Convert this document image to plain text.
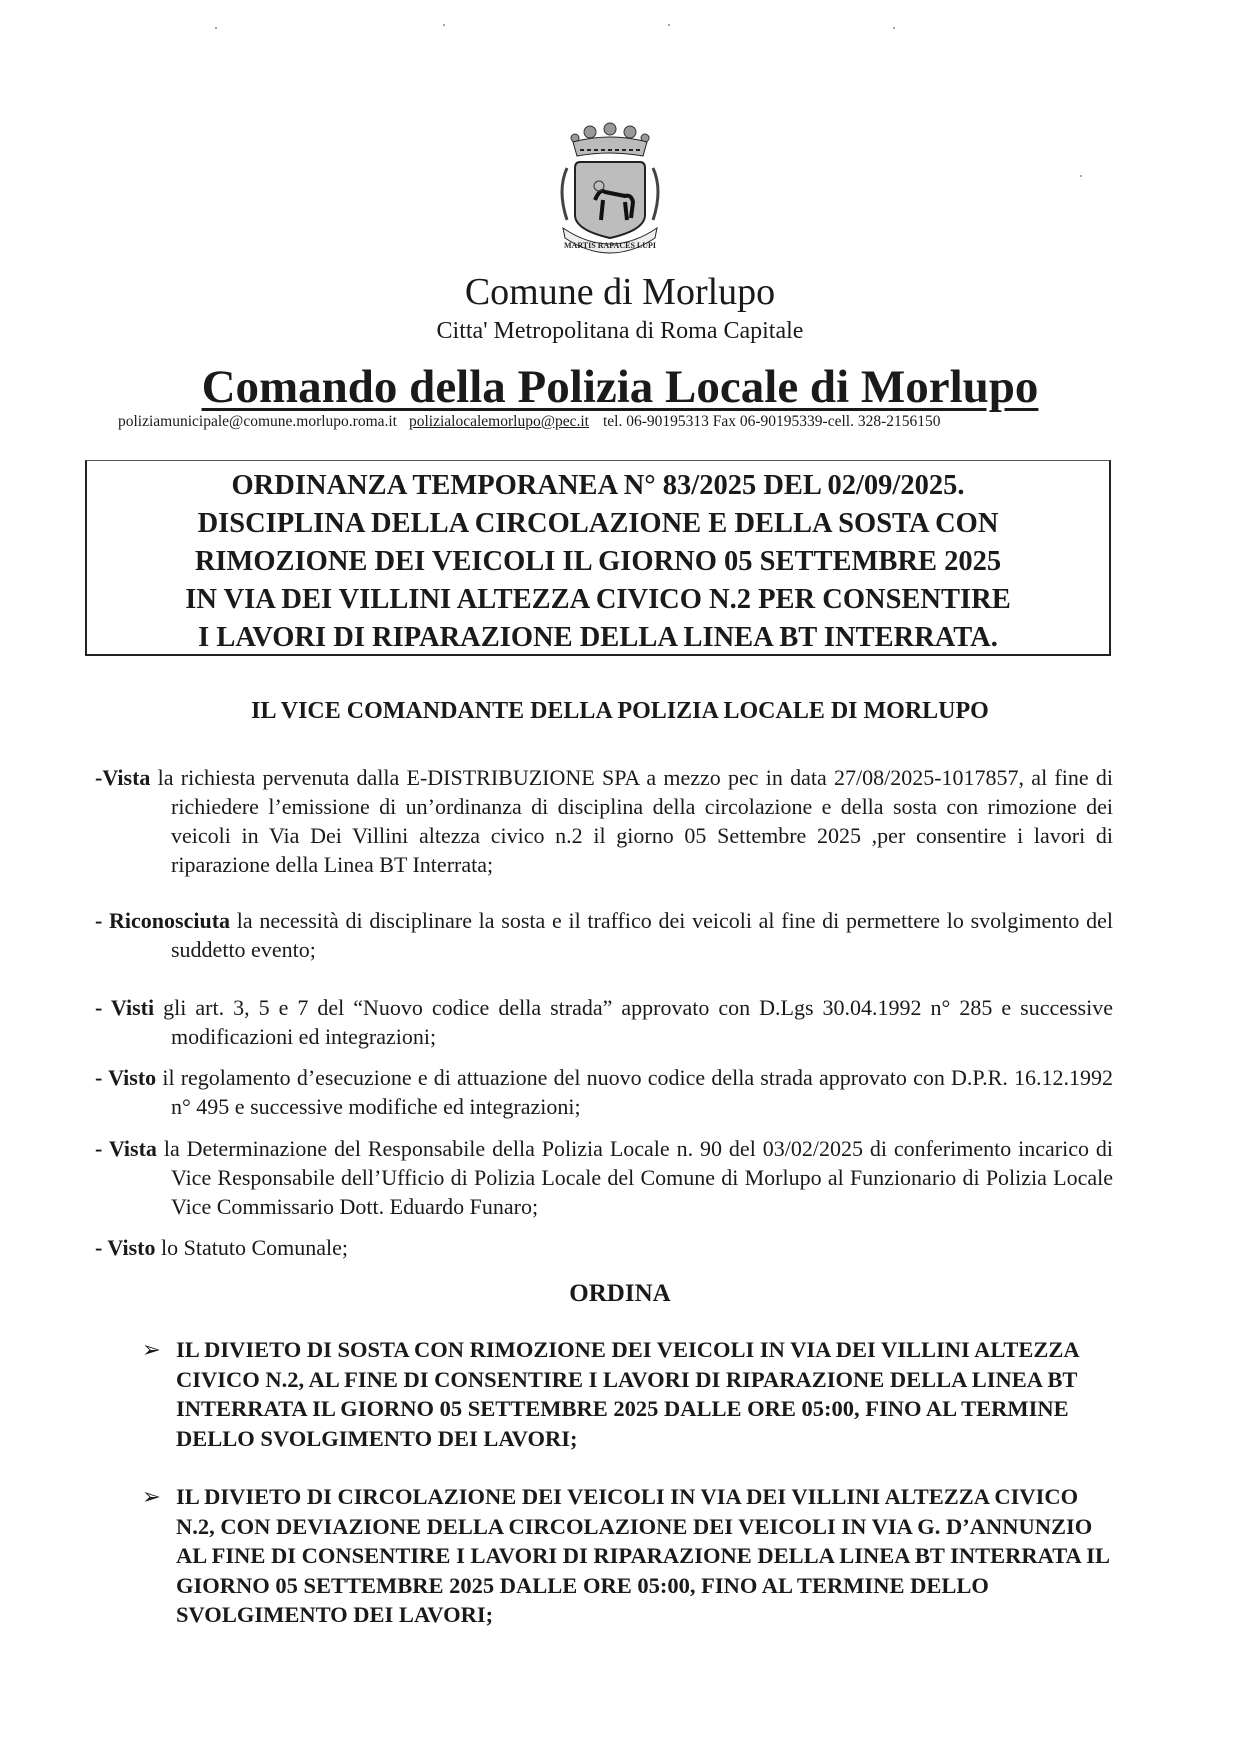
MARTIS RAPACES LUPI
Comune di Morlupo
Citta' Metropolitana di Roma Capitale
Comando della Polizia Locale di Morlupo
poliziamunicipale@comune.morlupo.roma.it polizialocalemorlupo@pec.it tel. 06-90195313 Fax 06-90195339-cell. 328-2156150
ORDINANZA TEMPORANEA N° 83/2025 DEL 02/09/2025.
DISCIPLINA DELLA CIRCOLAZIONE E DELLA SOSTA CON
RIMOZIONE DEI VEICOLI IL GIORNO 05 SETTEMBRE 2025
IN VIA DEI VILLINI ALTEZZA CIVICO N.2 PER CONSENTIRE
I LAVORI DI RIPARAZIONE DELLA LINEA BT INTERRATA.
IL VICE COMANDANTE DELLA POLIZIA LOCALE DI MORLUPO
-Vista la richiesta pervenuta dalla E-DISTRIBUZIONE SPA a mezzo pec in data 27/08/2025-1017857, al fine di richiedere l’emissione di un’ordinanza di disciplina della circolazione e della sosta con rimozione dei veicoli in Via Dei Villini altezza civico n.2 il giorno 05 Settembre 2025 ,per consentire i lavori di riparazione della Linea BT Interrata;
- Riconosciuta la necessità di disciplinare la sosta e il traffico dei veicoli al fine di permettere lo svolgimento del suddetto evento;
- Visti gli art. 3, 5 e 7 del “Nuovo codice della strada” approvato con D.Lgs 30.04.1992 n° 285 e successive modificazioni ed integrazioni;
- Visto il regolamento d’esecuzione e di attuazione del nuovo codice della strada approvato con D.P.R. 16.12.1992 n° 495 e successive modifiche ed integrazioni;
- Vista la Determinazione del Responsabile della Polizia Locale n. 90 del 03/02/2025 di conferimento incarico di Vice Responsabile dell’Ufficio di Polizia Locale del Comune di Morlupo al Funzionario di Polizia Locale Vice Commissario Dott. Eduardo Funaro;
- Visto lo Statuto Comunale;
ORDINA
➢ IL DIVIETO DI SOSTA CON RIMOZIONE DEI VEICOLI IN VIA DEI VILLINI ALTEZZA CIVICO N.2, AL FINE DI CONSENTIRE I LAVORI DI RIPARAZIONE DELLA LINEA BT INTERRATA IL GIORNO 05 SETTEMBRE 2025 DALLE ORE 05:00, FINO AL TERMINE DELLO SVOLGIMENTO DEI LAVORI;
➢ IL DIVIETO DI CIRCOLAZIONE DEI VEICOLI IN VIA DEI VILLINI ALTEZZA CIVICO N.2, CON DEVIAZIONE DELLA CIRCOLAZIONE DEI VEICOLI IN VIA G. D’ANNUNZIO AL FINE DI CONSENTIRE I LAVORI DI RIPARAZIONE DELLA LINEA BT INTERRATA IL GIORNO 05 SETTEMBRE 2025 DALLE ORE 05:00, FINO AL TERMINE DELLO SVOLGIMENTO DEI LAVORI;
